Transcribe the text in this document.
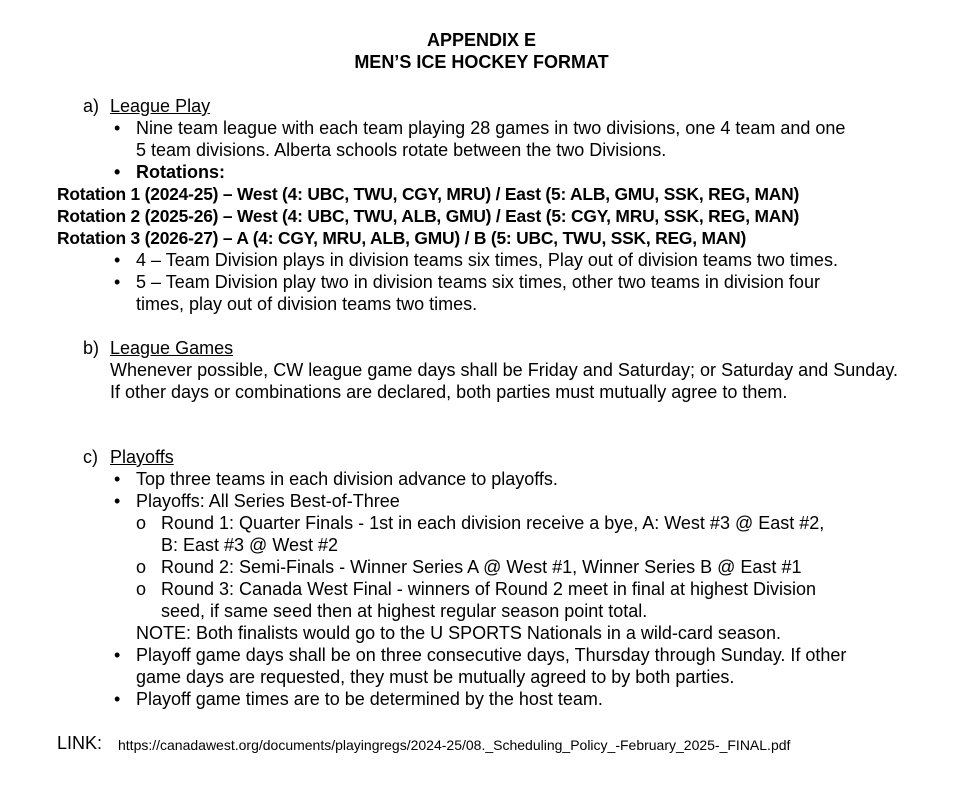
APPENDIX E
MEN’S ICE HOCKEY FORMAT
a) League Play
• Nine team league with each team playing 28 games in two divisions, one 4 team and one
5 team divisions. Alberta schools rotate between the two Divisions.
• Rotations:
Rotation 1 (2024-25) – West (4: UBC, TWU, CGY, MRU) / East (5: ALB, GMU, SSK, REG, MAN)
Rotation 2 (2025-26) – West (4: UBC, TWU, ALB, GMU) / East (5: CGY, MRU, SSK, REG, MAN)
Rotation 3 (2026-27) – A (4: CGY, MRU, ALB, GMU) / B (5: UBC, TWU, SSK, REG, MAN)
• 4 – Team Division plays in division teams six times, Play out of division teams two times.
• 5 – Team Division play two in division teams six times, other two teams in division four
times, play out of division teams two times.
b) League Games
Whenever possible, CW league game days shall be Friday and Saturday; or Saturday and Sunday. If other days or combinations are declared, both parties must mutually agree to them.
c) Playoffs
• Top three teams in each division advance to playoffs.
• Playoffs: All Series Best-of-Three
o Round 1: Quarter Finals - 1st in each division receive a bye, A: West #3 @ East #2,
B: East #3 @ West #2
o Round 2: Semi-Finals - Winner Series A @ West #1, Winner Series B @ East #1
o Round 3: Canada West Final - winners of Round 2 meet in final at highest Division
seed, if same seed then at highest regular season point total.
NOTE: Both finalists would go to the U SPORTS Nationals in a wild-card season.
• Playoff game days shall be on three consecutive days, Thursday through Sunday. If other
game days are requested, they must be mutually agreed to by both parties.
• Playoff game times are to be determined by the host team.
LINK: https://canadawest.org/documents/playingregs/2024-25/08._Scheduling_Policy_-February_2025-_FINAL.pdf
